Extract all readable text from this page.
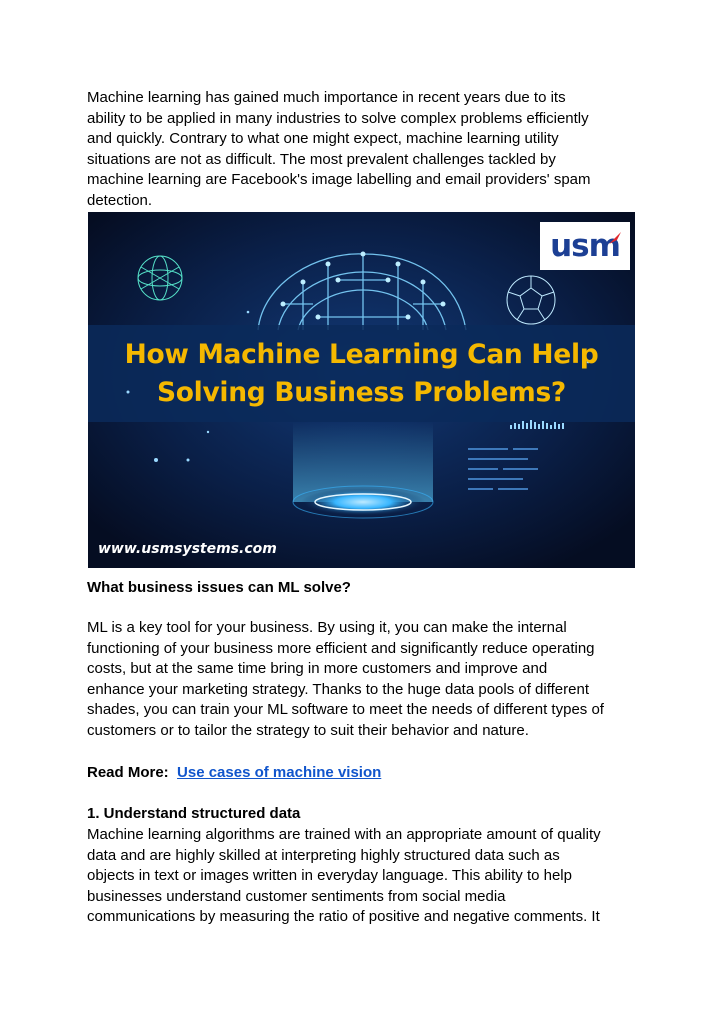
Machine learning has gained much importance in recent years due to its
ability to be applied in many industries to solve complex problems efficiently
and quickly. Contrary to what one might expect, machine learning utility
situations are not as difficult. The most prevalent challenges tackled by
machine learning are Facebook's image labelling and email providers' spam
detection.

How Machine Learning Can Help
Solving Business Problems?
usm
www.usmsystems.com

What business issues can ML solve?

ML is a key tool for your business. By using it, you can make the internal
functioning of your business more efficient and significantly reduce operating
costs, but at the same time bring in more customers and improve and
enhance your marketing strategy. Thanks to the huge data pools of different
shades, you can train your ML software to meet the needs of different types of
customers or to tailor the strategy to suit their behavior and nature.

Read More: Use cases of machine vision

1. Understand structured data

Machine learning algorithms are trained with an appropriate amount of quality
data and are highly skilled at interpreting highly structured data such as
objects in text or images written in everyday language. This ability to help
businesses understand customer sentiments from social media
communications by measuring the ratio of positive and negative comments. It
